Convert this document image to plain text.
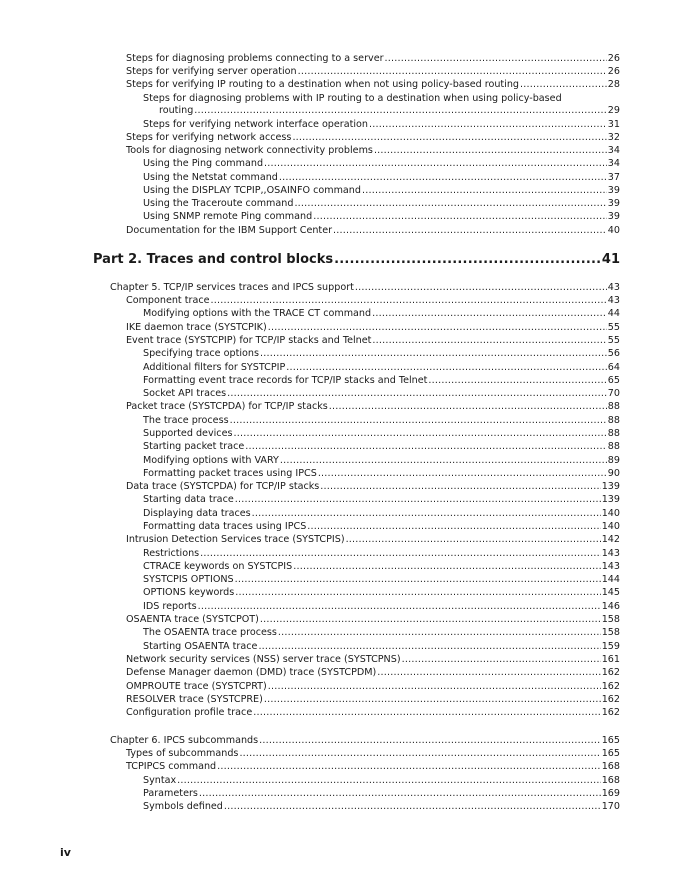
Steps for diagnosing problems connecting to a server .....	26
Steps for verifying server operation .....	26
Steps for verifying IP routing to a destination when not using policy-based routing .....	28
Steps for diagnosing problems with IP routing to a destination when using policy-based
routing .....	29
Steps for verifying network interface operation .....	31
Steps for verifying network access .....	32
Tools for diagnosing network connectivity problems .....	34
Using the Ping command .....	34
Using the Netstat command .....	37
Using the DISPLAY TCPIP,,OSAINFO command .....	39
Using the Traceroute command .....	39
Using SNMP remote Ping command .....	39
Documentation for the IBM Support Center .....	40
Part 2. Traces and control blocks .....	41
Chapter 5. TCP/IP services traces and IPCS support .....	43
Component trace .....	43
Modifying options with the TRACE CT command .....	44
IKE daemon trace (SYSTCPIK) .....	55
Event trace (SYSTCPIP) for TCP/IP stacks and Telnet .....	55
Specifying trace options .....	56
Additional filters for SYSTCPIP .....	64
Formatting event trace records for TCP/IP stacks and Telnet .....	65
Socket API traces .....	70
Packet trace (SYSTCPDA) for TCP/IP stacks .....	88
The trace process .....	88
Supported devices .....	88
Starting packet trace .....	88
Modifying options with VARY .....	89
Formatting packet traces using IPCS .....	90
Data trace (SYSTCPDA) for TCP/IP stacks .....	139
Starting data trace .....	139
Displaying data traces .....	140
Formatting data traces using IPCS .....	140
Intrusion Detection Services trace (SYSTCPIS) .....	142
Restrictions .....	143
CTRACE keywords on SYSTCPIS .....	143
SYSTCPIS OPTIONS .....	144
OPTIONS keywords .....	145
IDS reports .....	146
OSAENTA trace (SYSTCPOT) .....	158
The OSAENTA trace process .....	158
Starting OSAENTA trace .....	159
Network security services (NSS) server trace (SYSTCPNS) .....	161
Defense Manager daemon (DMD) trace (SYSTCPDM) .....	162
OMPROUTE trace (SYSTCPRT) .....	162
RESOLVER trace (SYSTCPRE) .....	162
Configuration profile trace .....	162
Chapter 6. IPCS subcommands .....	165
Types of subcommands .....	165
TCPIPCS command .....	168
Syntax .....	168
Parameters .....	169
Symbols defined .....	170
iv
